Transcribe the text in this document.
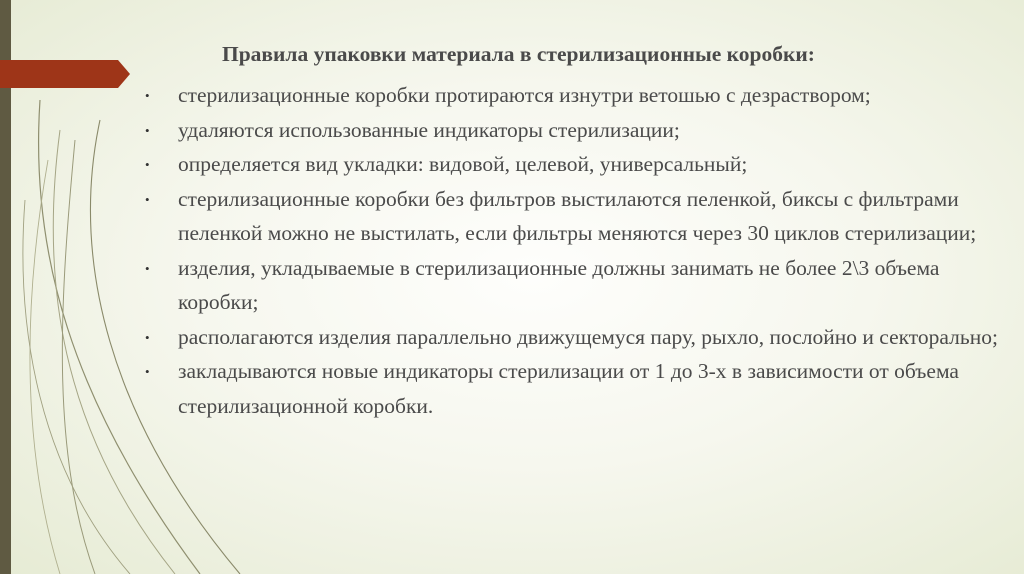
Правила упаковки материала в стерилизационные коробки:
• стерилизационные коробки протираются изнутри ветошью с дезраствором;
• удаляются использованные индикаторы стерилизации;
• определяется вид укладки: видовой, целевой, универсальный;
• стерилизационные коробки без фильтров выстилаются пеленкой, биксы с фильтрами пеленкой можно не выстилать, если фильтры меняются через 30 циклов стерилизации;
• изделия, укладываемые в стерилизационные должны занимать не более 2\3 объема коробки;
• располагаются изделия параллельно движущемуся пару, рыхло, послойно и секторально;
• закладываются новые индикаторы стерилизации от 1 до 3-х в зависимости от объема стерилизационной коробки.
